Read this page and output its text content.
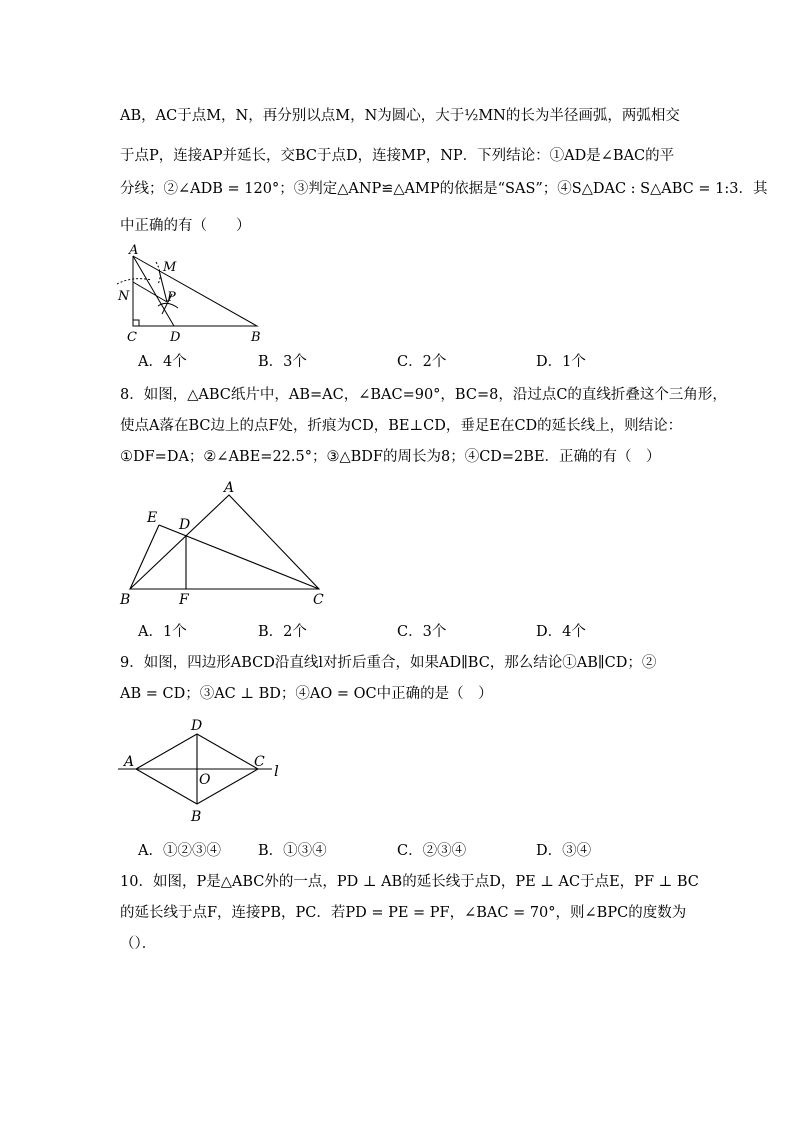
AB，AC于点M，N，再分别以点M，N为圆心，大于½MN的长为半径画弧，两弧相交
于点P，连接AP并延长，交BC于点D，连接MP，NP．下列结论：①AD是∠BAC的平
分线；②∠ADB = 120°；③判定△ANP≌△AMP的依据是“SAS”；④S△DAC : S△ABC = 1:3．其
中正确的有（　　）
A
M
N	P
C	D	B
A．4个	B．3个	C．2个	D．1个
8．如图，△ABC纸片中，AB=AC，∠BAC=90°，BC=8，沿过点C的直线折叠这个三角形，
使点A落在BC边上的点F处，折痕为CD，BE⊥CD，垂足E在CD的延长线上，则结论：
①DF=DA；②∠ABE=22.5°；③△BDF的周长为8；④CD=2BE．正确的有（　）
A
E D
B	F	C
A．1个	B．2个	C．3个	D．4个
9．如图，四边形ABCD沿直线l对折后重合，如果AD∥BC，那么结论①AB∥CD；②
AB = CD；③AC ⊥ BD；④AO = OC中正确的是（　）
D
A	C l
O
B
A．①②③④	B．①③④	C．②③④	D．③④
10．如图，P是△ABC外的一点，PD ⊥ AB的延长线于点D，PE ⊥ AC于点E，PF ⊥ BC
的延长线于点F，连接PB，PC．若PD = PE = PF，∠BAC = 70°，则∠BPC的度数为
（）．
